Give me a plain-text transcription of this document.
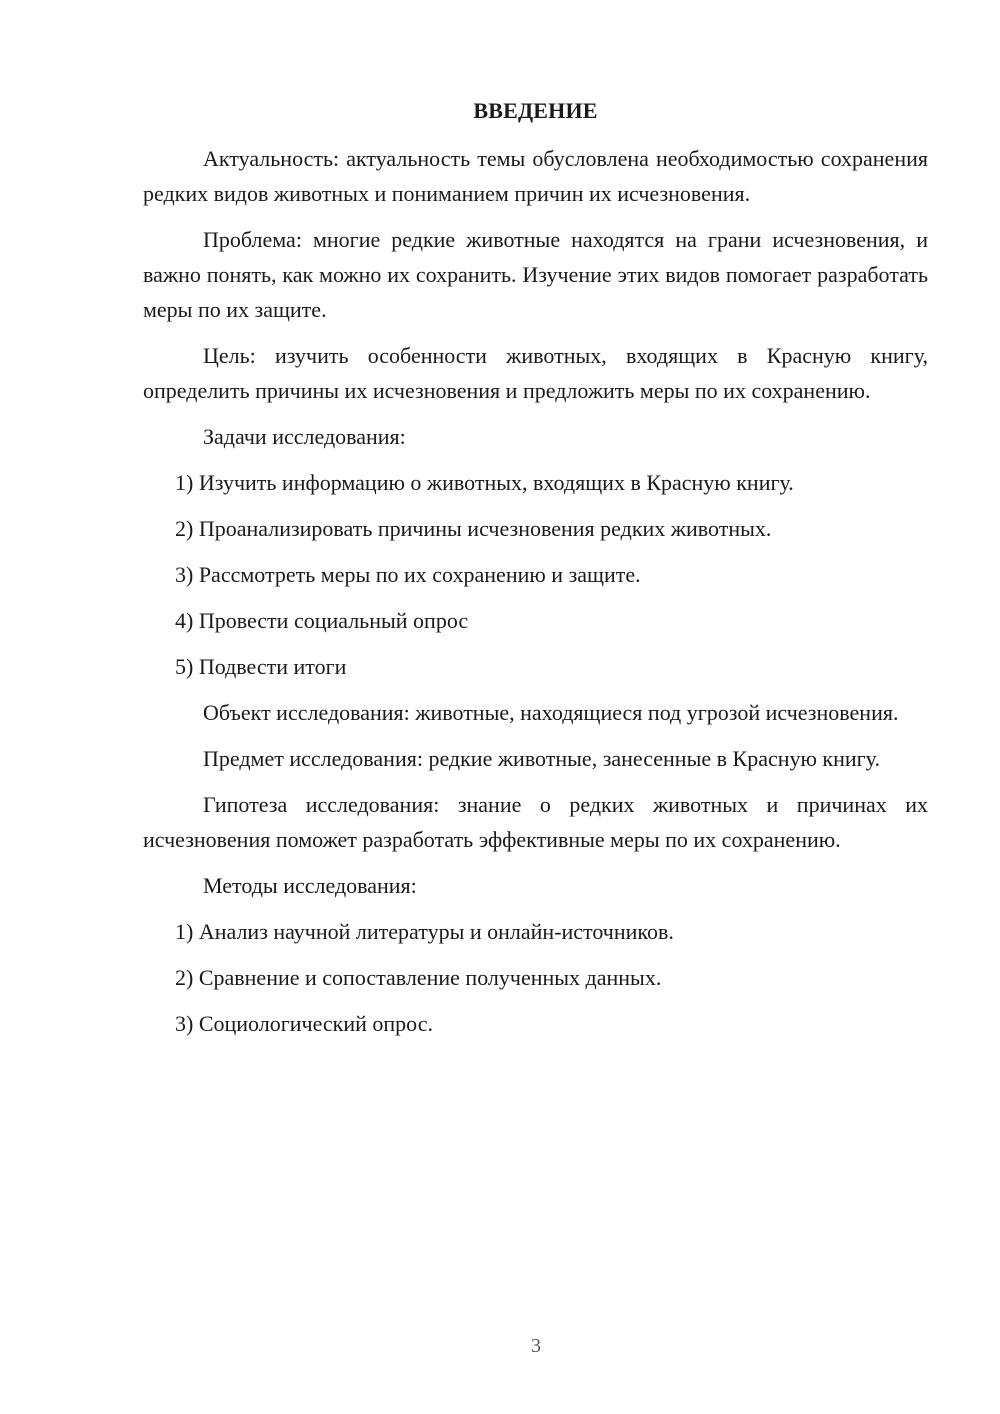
ВВЕДЕНИЕ

Актуальность: актуальность темы обусловлена необходимостью сохранения редких видов животных и пониманием причин их исчезновения.

Проблема: многие редкие животные находятся на грани исчезновения, и важно понять, как можно их сохранить. Изучение этих видов помогает разработать меры по их защите.

Цель: изучить особенности животных, входящих в Красную книгу, определить причины их исчезновения и предложить меры по их сохранению.

Задачи исследования:

1) Изучить информацию о животных, входящих в Красную книгу.

2) Проанализировать причины исчезновения редких животных.

3) Рассмотреть меры по их сохранению и защите.

4) Провести социальный опрос

5) Подвести итоги

Объект исследования: животные, находящиеся под угрозой исчезновения.

Предмет исследования: редкие животные, занесенные в Красную книгу.

Гипотеза исследования: знание о редких животных и причинах их исчезновения поможет разработать эффективные меры по их сохранению.

Методы исследования:

1) Анализ научной литературы и онлайн-источников.

2) Сравнение и сопоставление полученных данных.

3) Социологический опрос.

3
